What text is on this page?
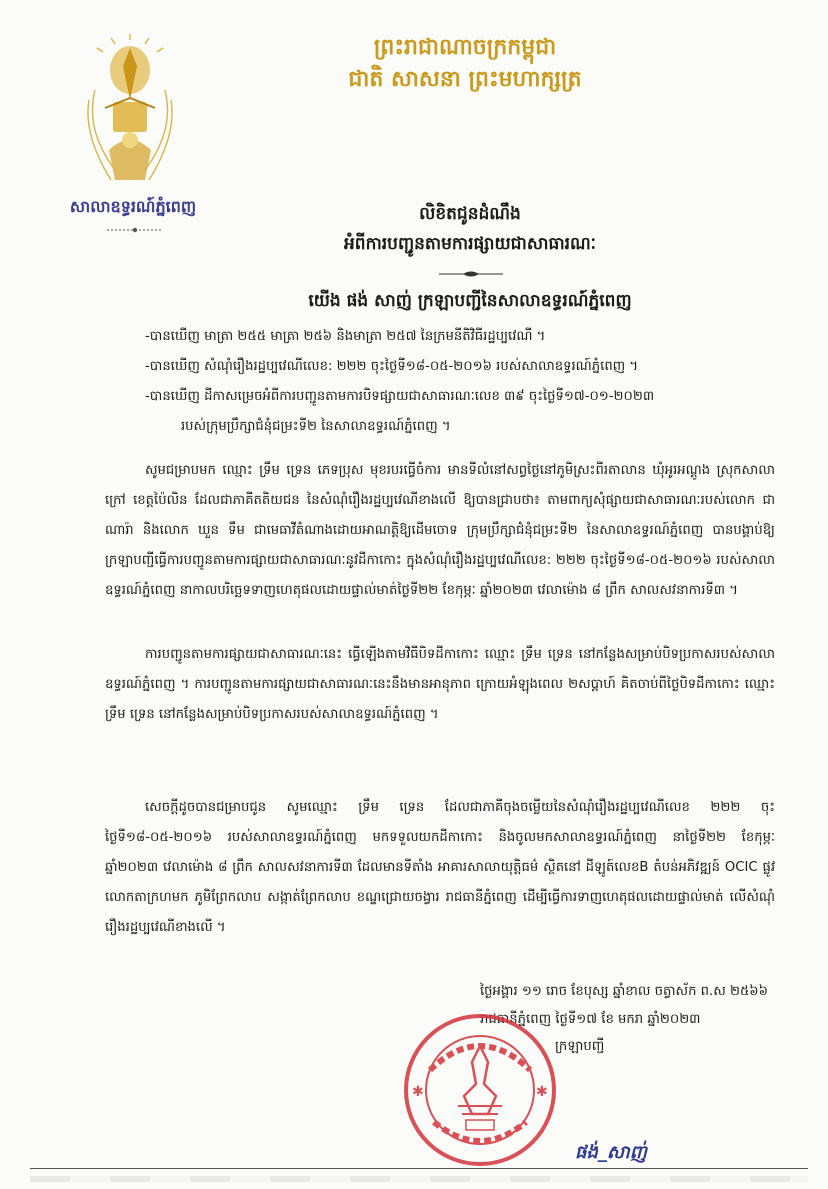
ព្រះរាជាណាចក្រកម្ពុជា
ជាតិ សាសនា ព្រះមហាក្សត្រ
សាលាឧទ្ធរណ៍ភ្នំពេញ	លិខិតជូនដំណឹង
អំពីការបញ្ជូនតាមការផ្សាយជាសាធារណៈ
យើង ផង់ សាញ់ ក្រឡាបញ្ជីនៃសាលាឧទ្ធរណ៍ភ្នំពេញ
-បានឃើញ មាត្រា ២៥៥ មាត្រា ២៥៦ និងមាត្រា ២៥៧ នៃក្រមនីតិវិធីរដ្ឋប្បវេណី ។
-បានឃើញ សំណុំរឿងរដ្ឋប្បវេណីលេខ: ២២២ ចុះថ្ងៃទី១៨-០៥-២០១៦ របស់សាលាឧទ្ធរណ៍ភ្នំពេញ ។
-បានឃើញ ដីកាសម្រេចអំពីការបញ្ជូនតាមការបិទផ្សាយជាសាធារណៈលេខ ៣៩ ចុះថ្ងៃទី១៧-០១-២០២៣
របស់ក្រុមប្រឹក្សាជំនុំជម្រះទី២ នៃសាលាឧទ្ធរណ៍ភ្នំពេញ ។

សូមជម្រាបមក ឈ្មោះ ទ្រឹម ទ្រេន ភេទប្រុស មុខរបរធ្វើចំការ មានទីលំនៅសព្វថ្ងៃនៅភូមិស្រះពីរតាលាន ឃុំអូរអណ្ដូង ស្រុកសាលាក្រៅ ខេត្តប៉ៃលិន ដែលជាភាគីតតិយជន នៃសំណុំរឿងរដ្ឋប្បវេណីខាងលើ ឱ្យបានជ្រាបថា៖ តាមពាក្យសុំផ្សាយជាសាធារណៈរបស់លោក ជា ណារ៉ា និងលោក ឃួន ទឹម ជាមេធាវីតំណាងដោយអាណត្តិឱ្យដើមចោទ ក្រុមប្រឹក្សាជំនុំជម្រះទី២ នៃសាលាឧទ្ធរណ៍ភ្នំពេញ បានបង្គាប់ឱ្យក្រឡាបញ្ជីធ្វើការបញ្ជូនតាមការផ្សាយជាសាធារណៈនូវដីកាកោះ ក្នុងសំណុំរឿងរដ្ឋប្បវេណីលេខ: ២២២ ចុះថ្ងៃទី១៨-០៥-២០១៦ របស់សាលាឧទ្ធរណ៍ភ្នំពេញ នាកាលបរិច្ឆេទទាញហេតុផលដោយផ្ទាល់មាត់ថ្ងៃទី២២ ខែកុម្ភៈ ឆ្នាំ២០២៣ វេលាម៉ោង ៨ ព្រឹក សាលសវនាការទី៣ ។

ការបញ្ជូនតាមការផ្សាយជាសាធារណៈនេះ ធ្វើឡើងតាមវិធីបិទដីកាកោះ ឈ្មោះ ទ្រឹម ទ្រេន នៅកន្លែងសម្រាប់បិទប្រកាសរបស់សាលាឧទ្ធរណ៍ភ្នំពេញ ។ ការបញ្ជូនតាមការផ្សាយជាសាធារណៈនេះនឹងមានអានុភាព ក្រោយអំឡុងពេល ២សប្តាហ៍ គិតចាប់ពីថ្ងៃបិទដីកាកោះ ឈ្មោះ ទ្រឹម ទ្រេន នៅកន្លែងសម្រាប់បិទប្រកាសរបស់សាលាឧទ្ធរណ៍ភ្នំពេញ ។

សេចក្តីដូចបានជម្រាបជូន សូមឈ្មោះ ទ្រឹម ទ្រេន ដែលជាភាគីចុងចម្លើយនៃសំណុំរឿងរដ្ឋប្បវេណីលេខ ២២២ ចុះថ្ងៃទី១៨-០៥-២០១៦ របស់សាលាឧទ្ធរណ៍ភ្នំពេញ មកទទួលយកដីកាកោះ និងចូលមកសាលាឧទ្ធរណ៍ភ្នំពេញ នាថ្ងៃទី២២ ខែកុម្ភៈ ឆ្នាំ២០២៣ វេលាម៉ោង ៨ ព្រឹក សាលសវនាការទី៣ ដែលមានទីតាំង អាគារសាលាយុត្តិធម៌ ស្ថិតនៅ ដីឡូត៍លេខB តំបន់អភិវឌ្ឍន៍ OCIC ផ្លូវលោកតាក្រហមក ភូមិព្រែកលាប សង្កាត់ព្រែកលាប ខណ្ឌជ្រោយចង្វារ រាជធានីភ្នំពេញ ដើម្បីធ្វើការទាញហេតុផលដោយផ្ទាល់មាត់ លើសំណុំរឿងរដ្ឋប្បវេណីខាងលើ ។

ថ្ងៃអង្គារ ១១ រោច ខែបុស្ស ឆ្នាំខាល ចត្វាស័ក ព.ស ២៥៦៦
រាជធានីភ្នំពេញ ថ្ងៃទី១៧ ខែ មករា ឆ្នាំ២០២៣
✱	✱
ក្រឡាបញ្ជី
ផង់_សាញ់
